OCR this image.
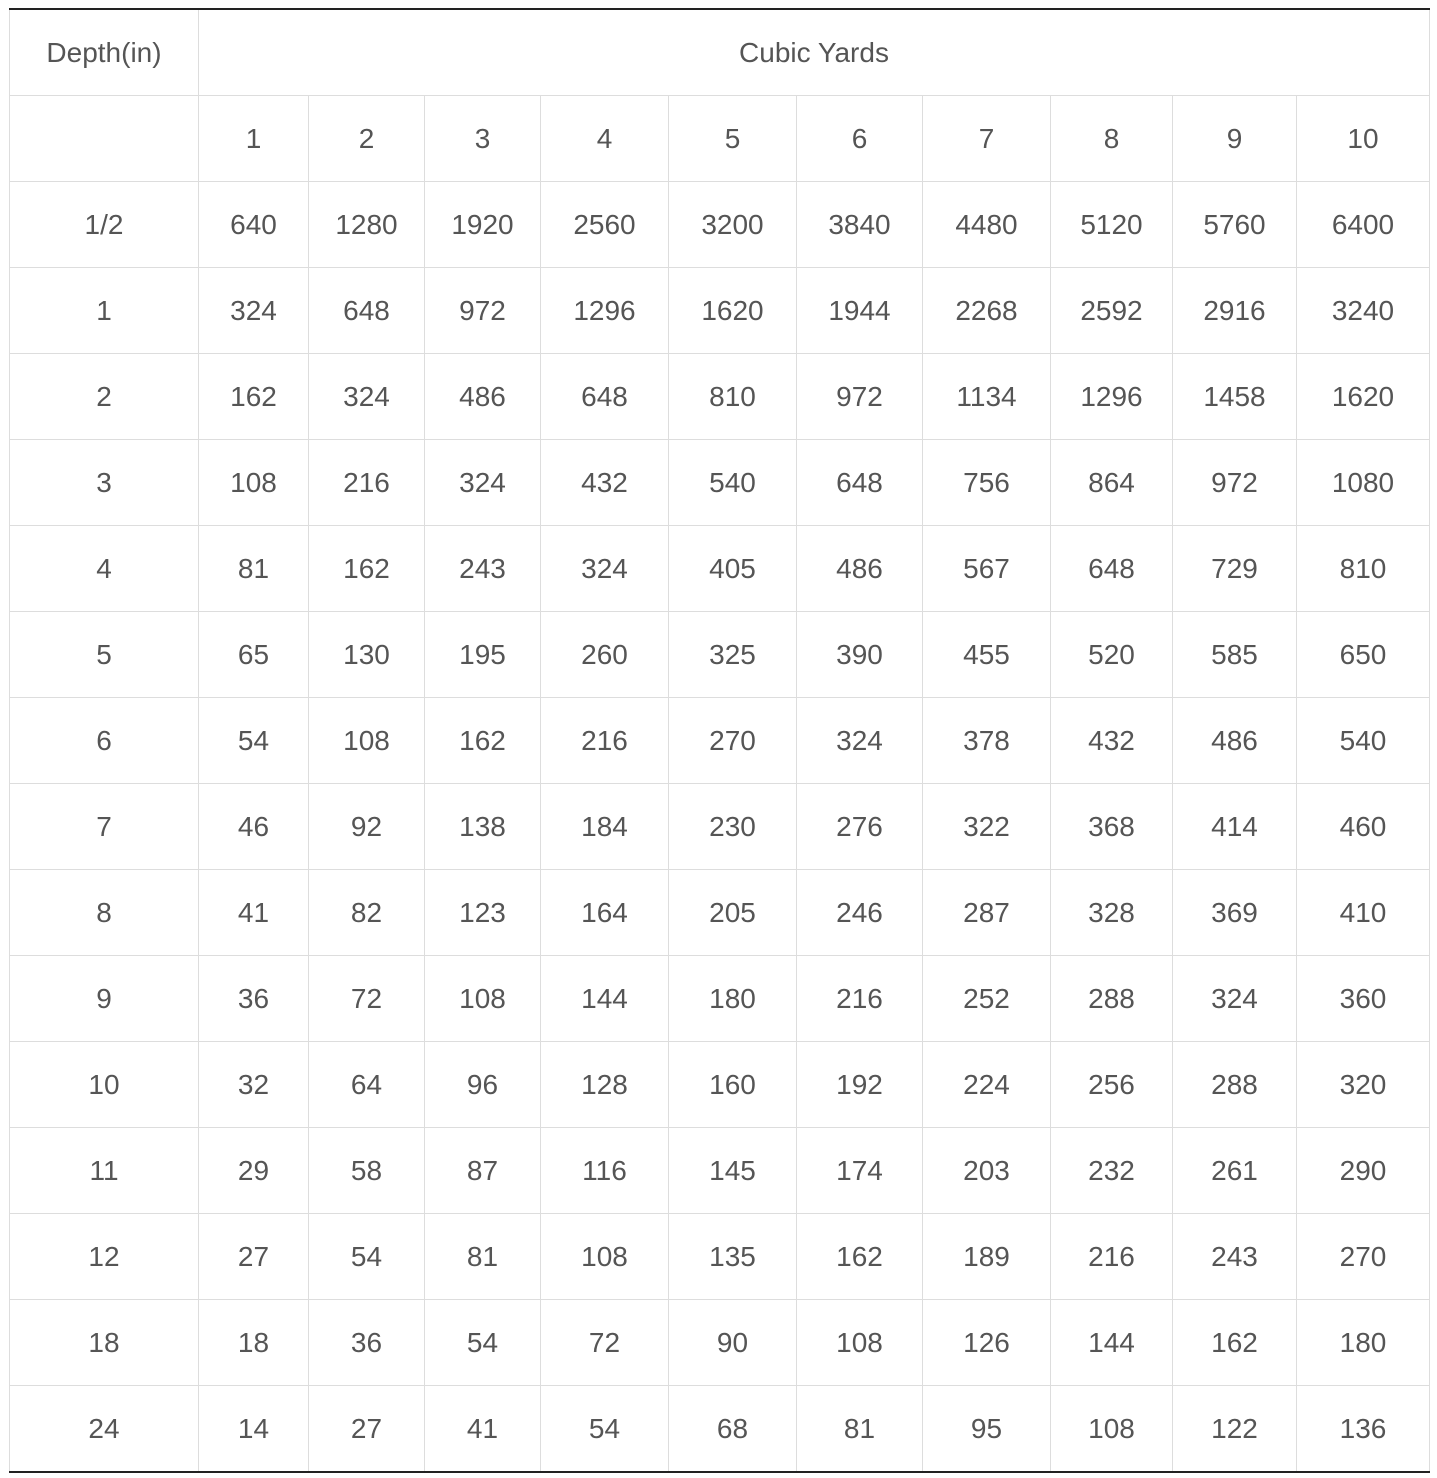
Depth(in)	Cubic Yards									
	1	2	3	4	5	6	7	8	9	10
1/2	640	1280	1920	2560	3200	3840	4480	5120	5760	6400
1	324	648	972	1296	1620	1944	2268	2592	2916	3240
2	162	324	486	648	810	972	1134	1296	1458	1620
3	108	216	324	432	540	648	756	864	972	1080
4	81	162	243	324	405	486	567	648	729	810
5	65	130	195	260	325	390	455	520	585	650
6	54	108	162	216	270	324	378	432	486	540
7	46	92	138	184	230	276	322	368	414	460
8	41	82	123	164	205	246	287	328	369	410
9	36	72	108	144	180	216	252	288	324	360
10	32	64	96	128	160	192	224	256	288	320
11	29	58	87	116	145	174	203	232	261	290
12	27	54	81	108	135	162	189	216	243	270
18	18	36	54	72	90	108	126	144	162	180
24	14	27	41	54	68	81	95	108	122	136
